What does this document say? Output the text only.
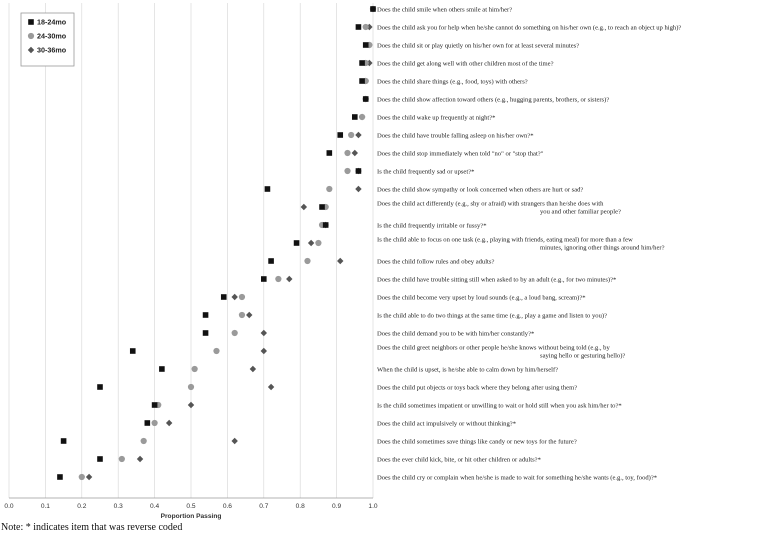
0.0	0.1	0.2	0.3	0.4	0.5	0.6	0.7	0.8	0.9	1.0
Proportion Passing
Does the child smile when others smile at him/her?
Does the child ask you for help when he/she cannot do something on his/her own (e.g., to reach an object up high)?
Does the child sit or play quietly on his/her own for at least several minutes?
Does the child get along well with other children most of the time?
Does the child share things (e.g., food, toys) with others?
Does the child show affection toward others (e.g., hugging parents, brothers, or sisters)?
Does the child wake up frequently at night?*
Does the child have trouble falling asleep on his/her own?*
Does the child stop immediately when told "no" or "stop that?"
Is the child frequently sad or upset?*
Does the child show sympathy or look concerned when others are hurt or sad?
Does the child act differently (e.g., shy or afraid) with strangers than he/she does with you and other familiar people?
Is the child frequently irritable or fussy?*
Is the child able to focus on one task (e.g., playing with friends, eating meal) for more than a few minutes, ignoring other things around him/her?
Does the child follow rules and obey adults?
Does the child have trouble sitting still when asked to by an adult (e.g., for two minutes)?*
Does the child become very upset by loud sounds (e.g., a loud bang, scream)?*
Is the child able to do two things at the same time (e.g., play a game and listen to you)?
Does the child demand you to be with him/her constantly?*
Does the child greet neighbors or other people he/she knows without being told (e.g., by saying hello or gesturing hello)?
When the child is upset, is he/she able to calm down by him/herself?
Does the child put objects or toys back where they belong after using them?
Is the child sometimes impatient or unwilling to wait or hold still when you ask him/her to?*
Does the child act impulsively or without thinking?*
Does the child sometimes save things like candy or new toys for the future?
Does the ever child kick, bite, or hit other children or adults?*
Does the child cry or complain when he/she is made to wait for something he/she wants (e.g., toy, food)?*
18-24mo
24-30mo
30-36mo
Note: * indicates item that was reverse coded
